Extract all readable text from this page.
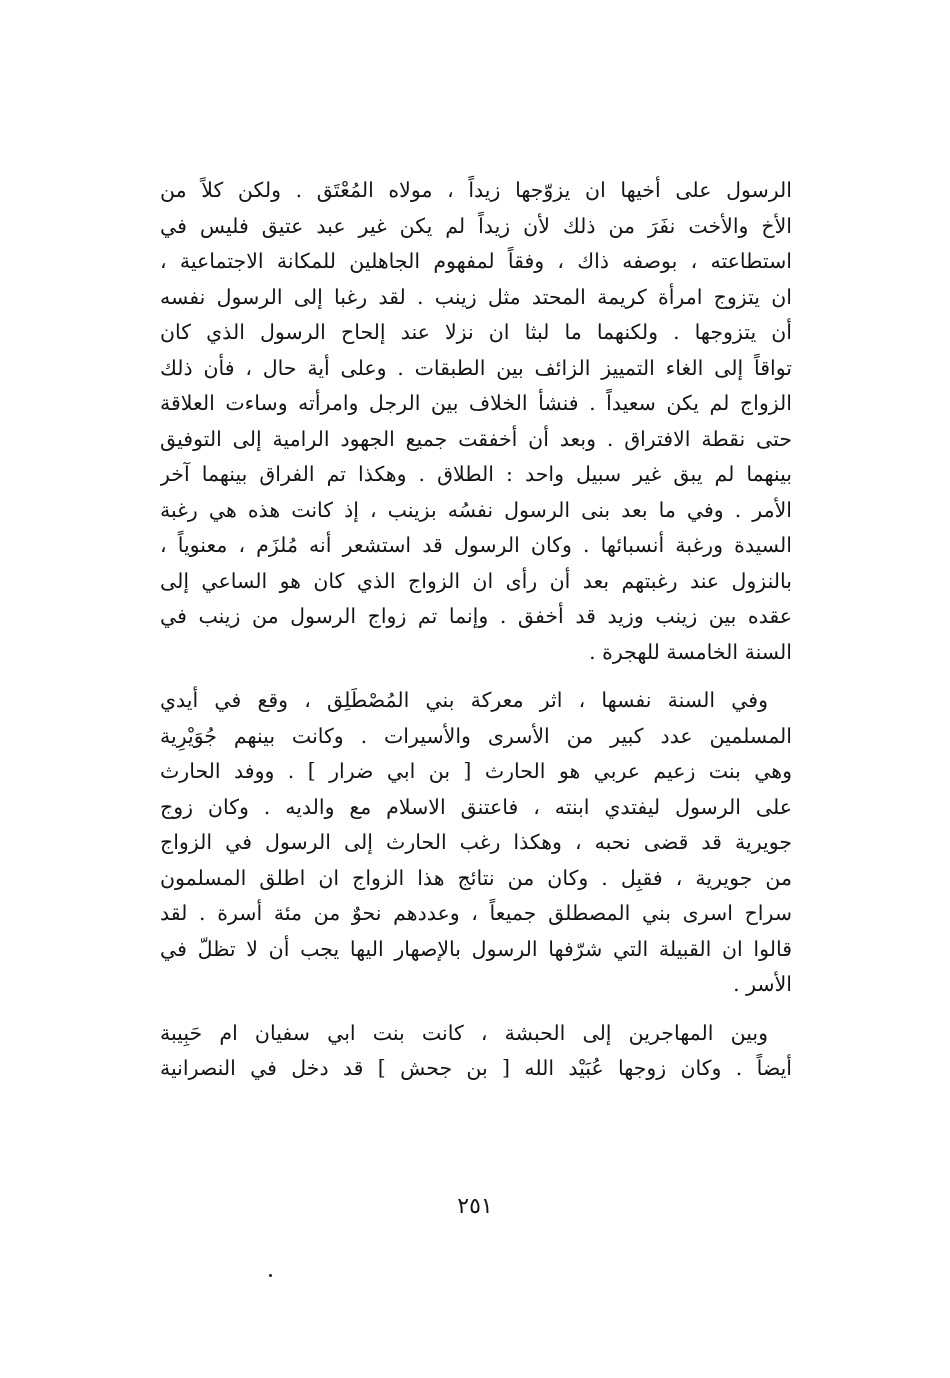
الرسول على أخيها ان يزوّجها زيداً ، مولاه المُعْتَق . ولكن كلاً من
الأخ والأخت نفَرَ من ذلك لأن زيداً لم يكن غير عبد عتيق فليس في
استطاعته ، بوصفه ذاك ، وفقاً لمفهوم الجاهلين للمكانة الاجتماعية ،
ان يتزوج امرأة كريمة المحتد مثل زينب . لقد رغبا إلى الرسول نفسه
أن يتزوجها . ولكنهما ما لبثا ان نزلا عند إلحاح الرسول الذي كان
تواقاً إلى الغاء التمييز الزائف بين الطبقات . وعلى أية حال ، فأن ذلك
الزواج لم يكن سعيداً . فنشأ الخلاف بين الرجل وامرأته وساءت العلاقة
حتى نقطة الافتراق . وبعد أن أخفقت جميع الجهود الرامية إلى التوفيق
بينهما لم يبق غير سبيل واحد : الطلاق . وهكذا تم الفراق بينهما آخر
الأمر . وفي ما بعد بنى الرسول نفسُه بزينب ، إذ كانت هذه هي رغبة
السيدة ورغبة أنسبائها . وكان الرسول قد استشعر أنه مُلزَم ، معنوياً ،
بالنزول عند رغبتهم بعد أن رأى ان الزواج الذي كان هو الساعي إلى
عقده بين زينب وزيد قد أخفق . وإنما تم زواج الرسول من زينب في
السنة الخامسة للهجرة .
وفي السنة نفسها ، اثر معركة بني المُصْطَلِق ، وقع في أيدي
المسلمين عدد كبير من الأسرى والأسيرات . وكانت بينهم جُوَيْرِية
وهي بنت زعيم عربي هو الحارث [ بن ابي ضرار ] . ووفد الحارث
على الرسول ليفتدي ابنته ، فاعتنق الاسلام مع والديه . وكان زوج
جويرية قد قضى نحبه ، وهكذا رغب الحارث إلى الرسول في الزواج
من جويرية ، فقبِل . وكان من نتائج هذا الزواج ان اطلق المسلمون
سراح اسرى بني المصطلق جميعاً ، وعددهم نحوٌ من مئة أسرة . لقد
قالوا ان القبيلة التي شرّفها الرسول بالإصهار اليها يجب أن لا تظلّ في
الأسر .
وبين المهاجرين إلى الحبشة ، كانت بنت ابي سفيان ام حَبِيبة
أيضاً . وكان زوجها عُبَيْد الله [ بن جحش ] قد دخل في النصرانية
٢٥١
